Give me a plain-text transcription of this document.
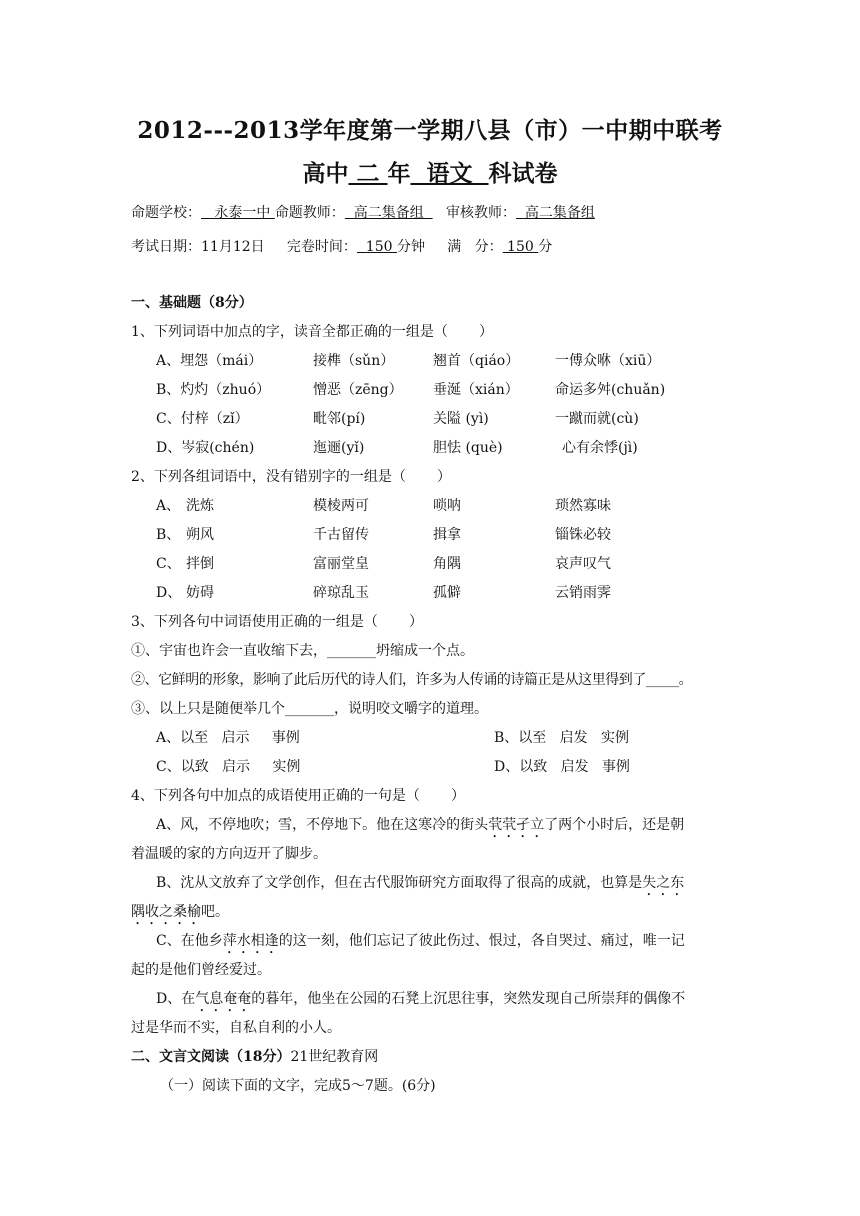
2012---2013学年度第一学期八县（市）一中期中联考
高中 二 年  语文  科试卷
命题学校：   永泰一中 命题教师：  高二集备组     审核教师：  高二集备组
考试日期：11月12日 完卷时间：  150 分钟 满   分： 150 分
一、基础题（8分）
1、下列词语中加点的字，读音全都正确的一组是（       ）
A、埋怨（mái）	接榫（sǔn）	翘首（qiáo）	一傅众咻（xiū）
B、灼灼（zhuó）	憎恶（zēng） 垂涎（xián）	命运多舛(chuǎn)
C、付梓（zǐ）	毗邻(pí)	关隘 (yì)	一蹴而就(cù)
D、岑寂(chén)	迤逦(yǐ)	胆怯 (què)	心有余悸(jì)
2、下列各组词语中，没有错别字的一组是（       ）
A、 洗炼	模棱两可	唢呐	琐然寡味
B、 朔风	千古留传	揖拿	锱铢必较
C、 拌倒	富丽堂皇	角隅	哀声叹气
D、 妨碍	碎琼乱玉	孤僻	云销雨霁
3、下列各句中词语使用正确的一组是（       ）
①、宇宙也许会一直收缩下去，_______坍缩成一个点。
②、它鲜明的形象，影响了此后历代的诗人们，许多为人传诵的诗篇正是从这里得到了_____。
③、以上只是随便举几个_______，说明咬文嚼字的道理。
A、以至   启示     事例	B、以至   启发   实例
C、以致   启示     实例	D、以致   启发   事例
4、下列各句中加点的成语使用正确的一句是（       ）
A、风，不停地吹；雪，不停地下。他在这寒冷的街头茕茕孑立了两个小时后，还是朝
着温暖的家的方向迈开了脚步。
B、沈从文放弃了文学创作，但在古代服饰研究方面取得了很高的成就，也算是失之东
隅收之桑榆吧。
C、在他乡萍水相逢的这一刻，他们忘记了彼此伤过、恨过，各自哭过、痛过，唯一记
起的是他们曾经爱过。
D、在气息奄奄的暮年，他坐在公园的石凳上沉思往事，突然发现自己所崇拜的偶像不
过是华而不实，自私自利的小人。
二、文言文阅读（18分）21世纪教育网
（一）阅读下面的文字，完成5～7题。(6分)
